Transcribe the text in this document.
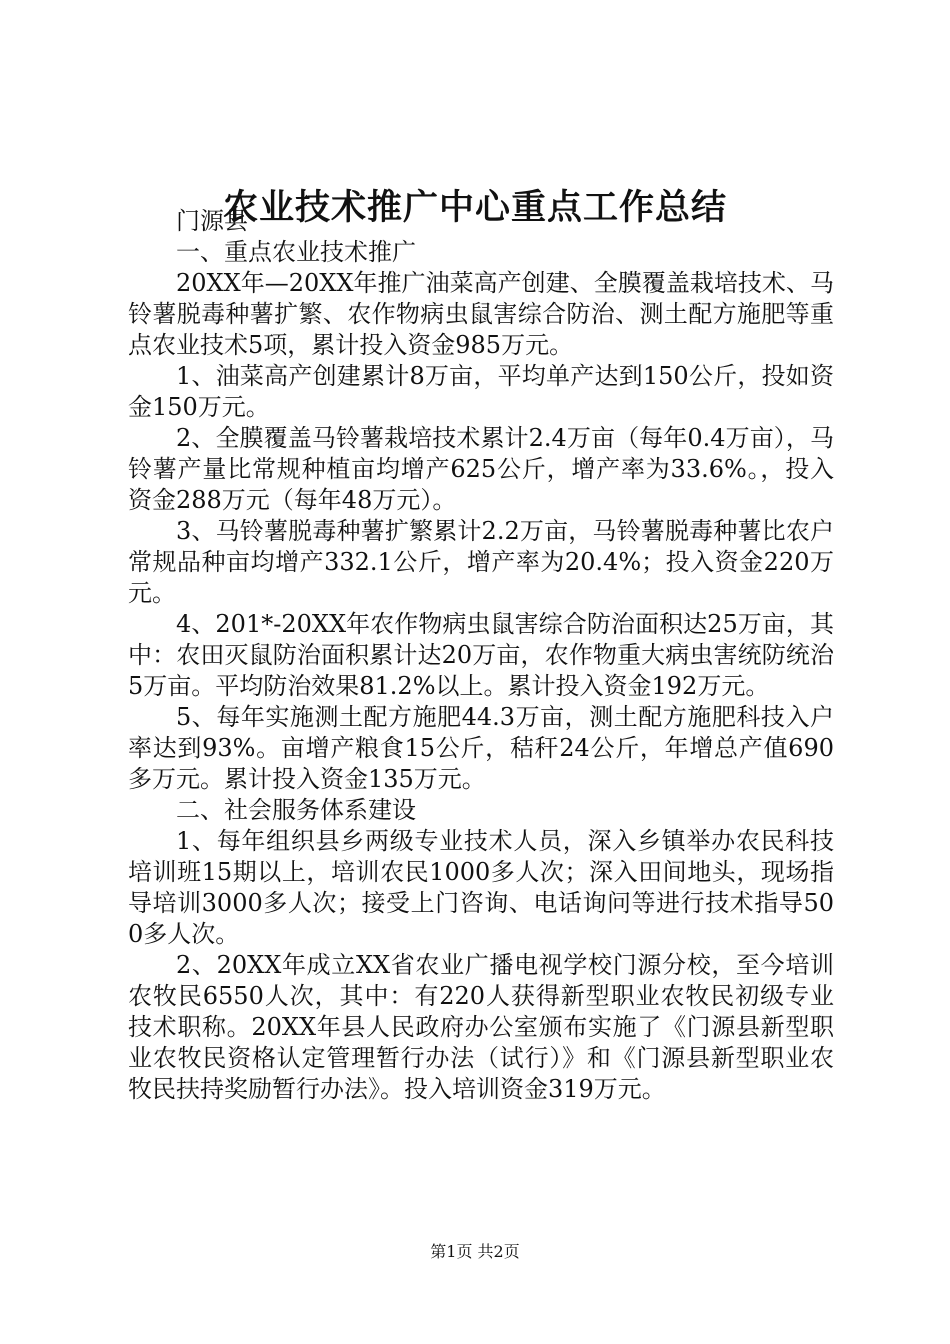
农业技术推广中心重点工作总结

门源县

一、重点农业技术推广

20XX年—20XX年推广油菜高产创建、全膜覆盖栽培技术、马铃薯脱毒种薯扩繁、农作物病虫鼠害综合防治、测土配方施肥等重点农业技术5项，累计投入资金985万元。

1、油菜高产创建累计8万亩，平均单产达到150公斤，投如资金150万元。

2、全膜覆盖马铃薯栽培技术累计2.4万亩（每年0.4万亩），马铃薯产量比常规种植亩均增产625公斤，增产率为33.6%。，投入资金288万元（每年48万元）。

3、马铃薯脱毒种薯扩繁累计2.2万亩，马铃薯脱毒种薯比农户常规品种亩均增产332.1公斤，增产率为20.4%；投入资金220万元。

4、201*-20XX年农作物病虫鼠害综合防治面积达25万亩，其中：农田灭鼠防治面积累计达20万亩，农作物重大病虫害统防统治5万亩。平均防治效果81.2%以上。累计投入资金192万元。

5、每年实施测土配方施肥44.3万亩，测土配方施肥科技入户率达到93%。亩增产粮食15公斤，秸秆24公斤，年增总产值690多万元。累计投入资金135万元。

二、社会服务体系建设

1、每年组织县乡两级专业技术人员，深入乡镇举办农民科技培训班15期以上，培训农民1000多人次；深入田间地头，现场指导培训3000多人次；接受上门咨询、电话询问等进行技术指导500多人次。

2、20XX年成立XX省农业广播电视学校门源分校，至今培训农牧民6550人次，其中：有220人获得新型职业农牧民初级专业技术职称。20XX年县人民政府办公室颁布实施了《门源县新型职业农牧民资格认定管理暂行办法（试行）》和《门源县新型职业农牧民扶持奖励暂行办法》。投入培训资金319万元。

第1页 共2页
